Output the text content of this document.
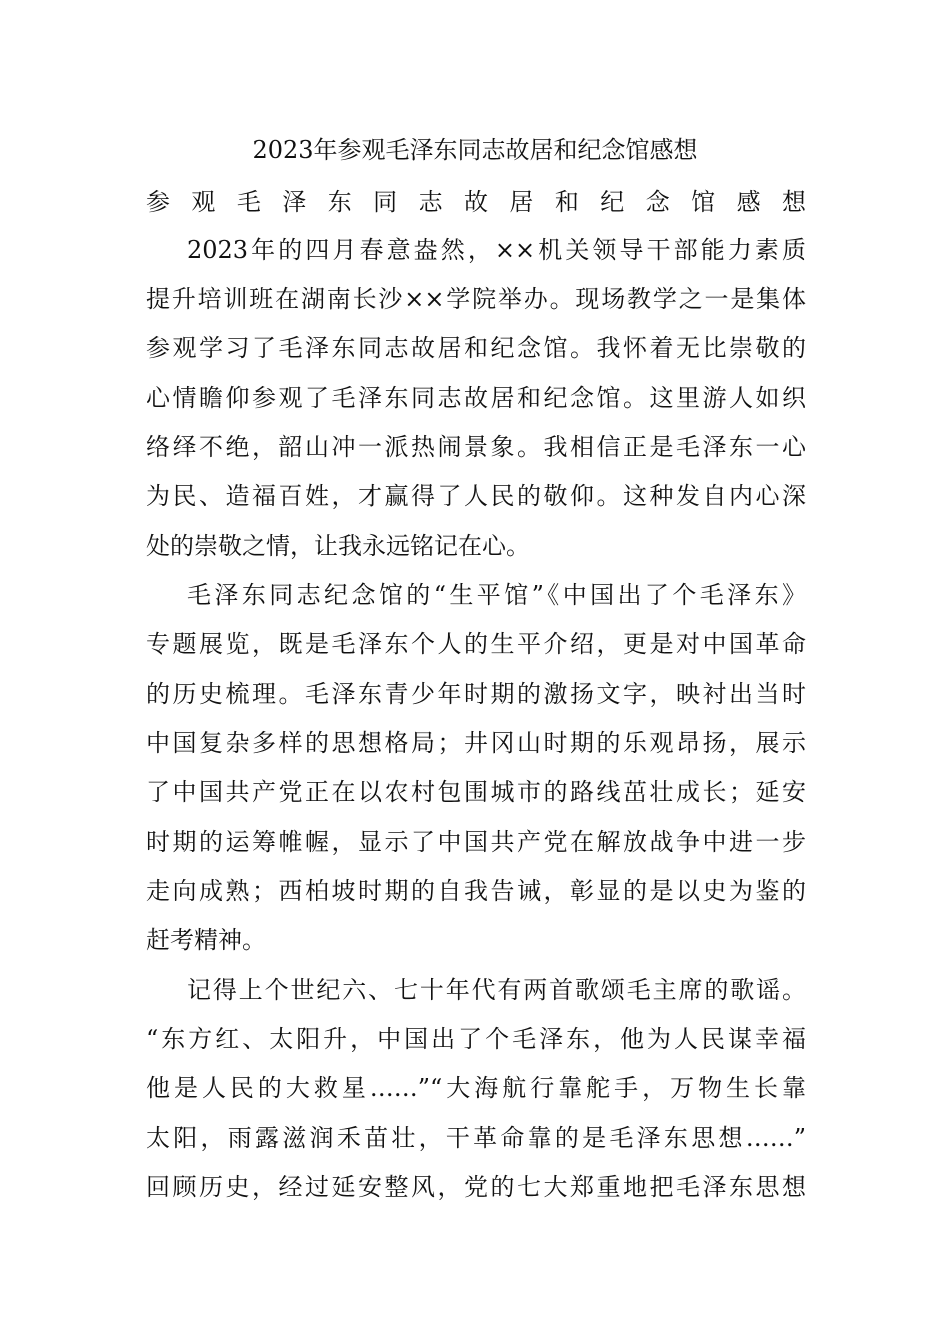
2023年参观毛泽东同志故居和纪念馆感想
参观毛泽东同志故居和纪念馆感想
2023年的四月春意盎然，××机关领导干部能力素质
提升培训班在湖南长沙××学院举办。现场教学之一是集体
参观学习了毛泽东同志故居和纪念馆。我怀着无比崇敬的
心情瞻仰参观了毛泽东同志故居和纪念馆。这里游人如织
络绎不绝，韶山冲一派热闹景象。我相信正是毛泽东一心
为民、造福百姓，才赢得了人民的敬仰。这种发自内心深
处的崇敬之情，让我永远铭记在心。
毛泽东同志纪念馆的“生平馆”《中国出了个毛泽东》
专题展览，既是毛泽东个人的生平介绍，更是对中国革命
的历史梳理。毛泽东青少年时期的激扬文字，映衬出当时
中国复杂多样的思想格局；井冈山时期的乐观昂扬，展示
了中国共产党正在以农村包围城市的路线茁壮成长；延安
时期的运筹帷幄，显示了中国共产党在解放战争中进一步
走向成熟；西柏坡时期的自我告诫，彰显的是以史为鉴的
赶考精神。
记得上个世纪六、七十年代有两首歌颂毛主席的歌谣。
“东方红、太阳升，中国出了个毛泽东，他为人民谋幸福
他是人民的大救星……”“大海航行靠舵手，万物生长靠
太阳，雨露滋润禾苗壮，干革命靠的是毛泽东思想……”
回顾历史，经过延安整风，党的七大郑重地把毛泽东思想
